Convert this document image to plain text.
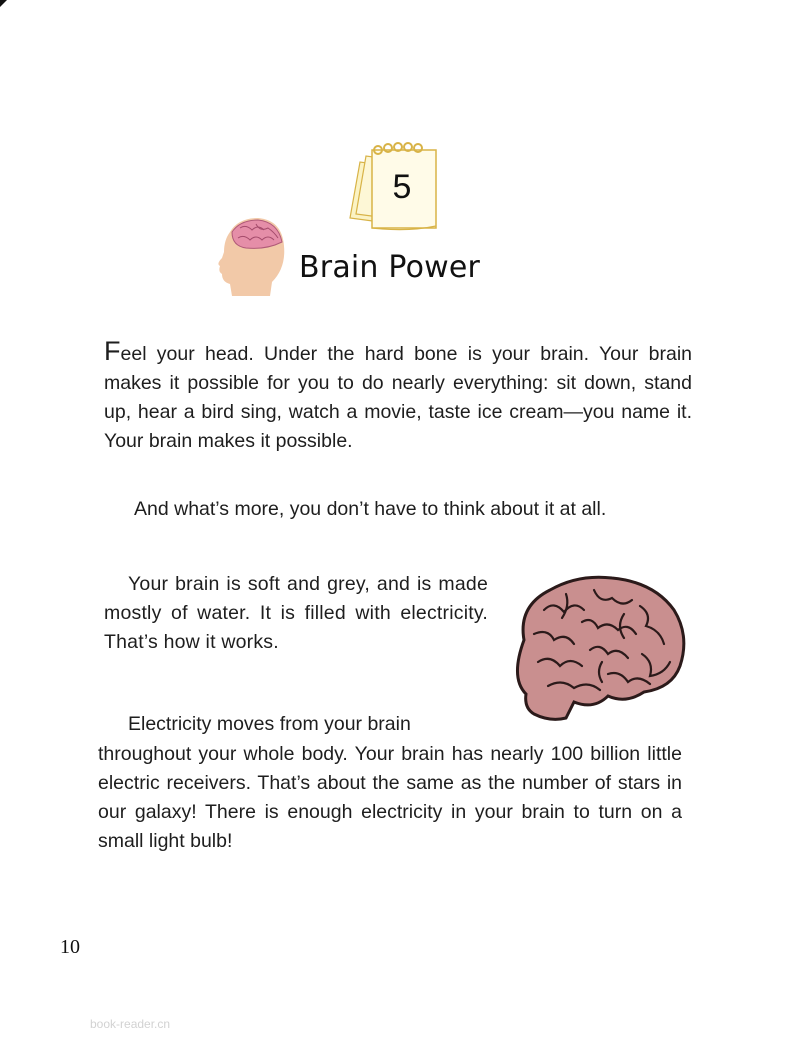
5
Brain Power

Feel your head. Under the hard bone is your brain. Your brain makes it possible for you to do nearly everything: sit down, stand up, hear a bird sing, watch a movie, taste ice cream—you name it. Your brain makes it possible.

And what’s more, you don’t have to think about it at all.

Your brain is soft and grey, and is made mostly of water. It is filled with electricity. That’s how it works.

Electricity moves from your brain

throughout your whole body. Your brain has nearly 100 billion little electric receivers. That’s about the same as the number of stars in our galaxy! There is enough electricity in your brain to turn on a small light bulb!

10

book-reader.cn
